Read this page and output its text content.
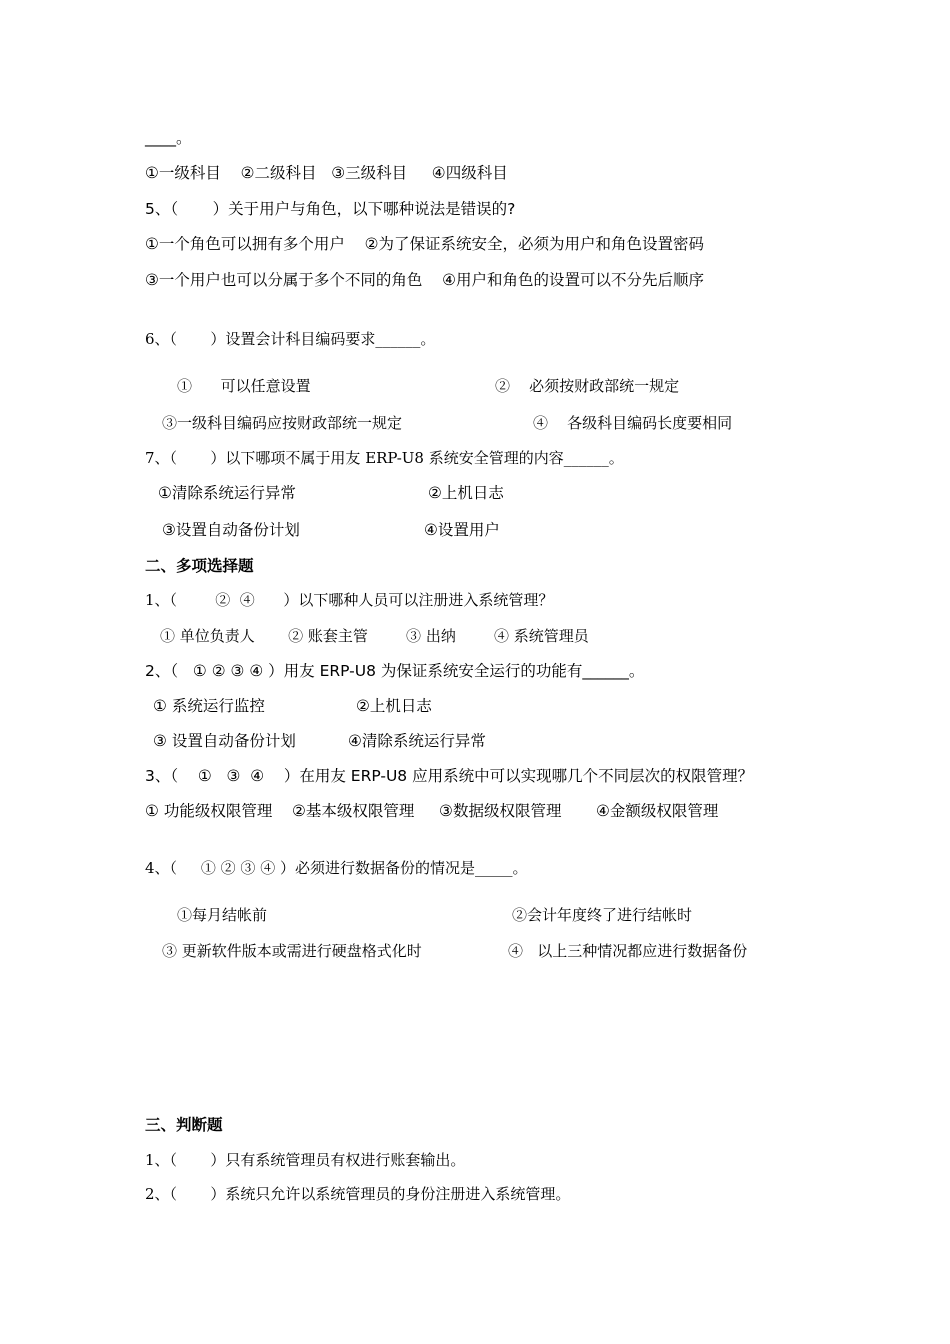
____。
①一级科目    ②二级科目   ③三级科目     ④四级科目
5、（       ）关于用户与角色，以下哪种说法是错误的?
①一个角色可以拥有多个用户    ②为了保证系统安全，必须为用户和角色设置密码
③一个用户也可以分属于多个不同的角色    ④用户和角色的设置可以不分先后顺序
6、（       ）设置会计科目编码要求______。
①      可以任意设置	②    必须按财政部统一规定
③一级科目编码应按财政部统一规定	④    各级科目编码长度要相同
7、（       ）以下哪项不属于用友 ERP-U8 系统安全管理的内容______。
①清除系统运行异常	②上机日志
③设置自动备份计划	④设置用户
二、多项选择题
1、（        ②  ④      ）以下哪种人员可以注册进入系统管理？
① 单位负责人       ② 账套主管        ③ 出纳        ④ 系统管理员
2、（   ① ② ③ ④ ）用友 ERP-U8 为保证系统安全运行的功能有______。
① 系统运行监控	②上机日志
③ 设置自动备份计划	④清除系统运行异常
3、（    ①   ③  ④    ）在用友 ERP-U8 应用系统中可以实现哪几个不同层次的权限管理？
① 功能级权限管理    ②基本级权限管理     ③数据级权限管理       ④金额级权限管理
4、（     ① ② ③ ④ ）必须进行数据备份的情况是_____。
①每月结帐前	②会计年度终了进行结帐时
③ 更新软件版本或需进行硬盘格式化时	④   以上三种情况都应进行数据备份
三、判断题
1、（       ）只有系统管理员有权进行账套输出。
2、（       ）系统只允许以系统管理员的身份注册进入系统管理。
